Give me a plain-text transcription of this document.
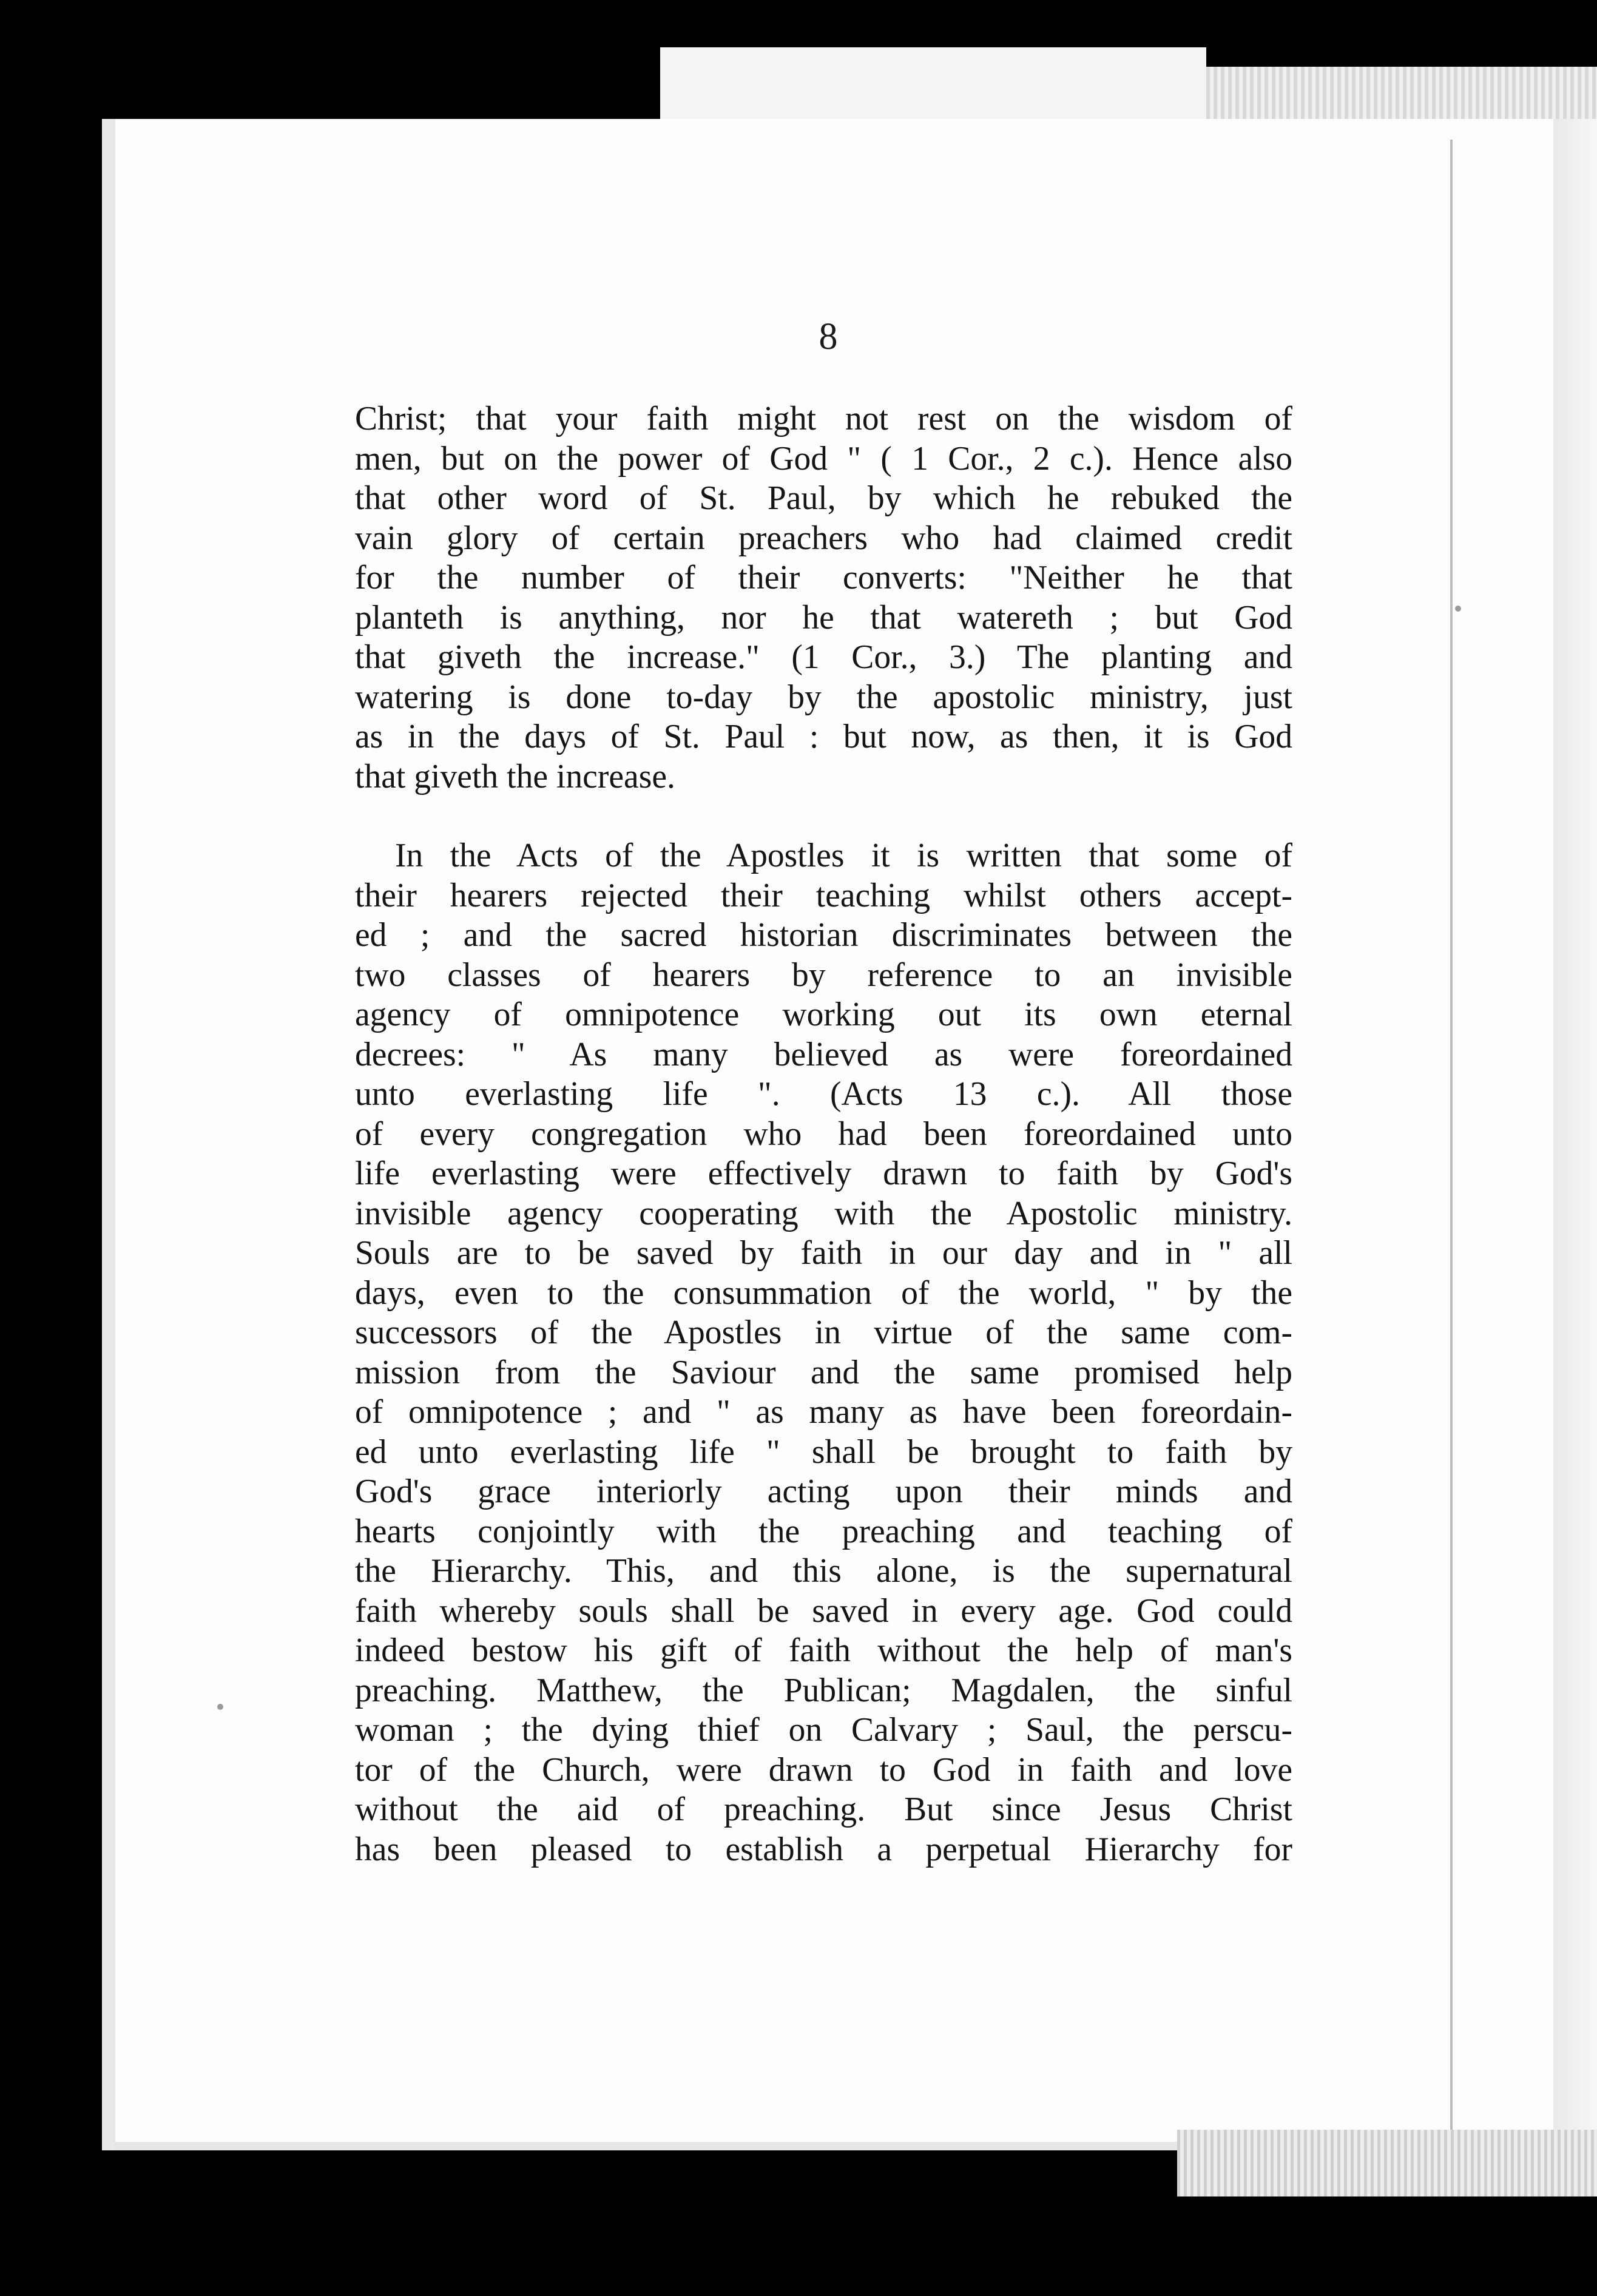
8
Christ; that your faith might not rest on the wisdom of
men, but on the power of God " ( 1 Cor., 2 c.). Hence also
that other word of St. Paul, by which he rebuked the
vain glory of certain preachers who had claimed credit
for the number of their converts: "Neither he that
planteth is anything, nor he that watereth ; but God
that giveth the increase." (1 Cor., 3.) The planting and
watering is done to-day by the apostolic ministry, just
as in the days of St. Paul : but now, as then, it is God
that giveth the increase.
In the Acts of the Apostles it is written that some of
their hearers rejected their teaching whilst others accept-
ed ; and the sacred historian discriminates between the
two classes of hearers by reference to an invisible
agency of omnipotence working out its own eternal
decrees: " As many believed as were foreordained
unto everlasting life ". (Acts 13 c.). All those
of every congregation who had been foreordained unto
life everlasting were effectively drawn to faith by God's
invisible agency cooperating with the Apostolic ministry.
Souls are to be saved by faith in our day and in " all
days, even to the consummation of the world, " by the
successors of the Apostles in virtue of the same com-
mission from the Saviour and the same promised help
of omnipotence ; and " as many as have been foreordain-
ed unto everlasting life " shall be brought to faith by
God's grace interiorly acting upon their minds and
hearts conjointly with the preaching and teaching of
the Hierarchy. This, and this alone, is the supernatural
faith whereby souls shall be saved in every age. God could
indeed bestow his gift of faith without the help of man's
preaching. Matthew, the Publican; Magdalen, the sinful
woman ; the dying thief on Calvary ; Saul, the perscu-
tor of the Church, were drawn to God in faith and love
without the aid of preaching. But since Jesus Christ
has been pleased to establish a perpetual Hierarchy for
